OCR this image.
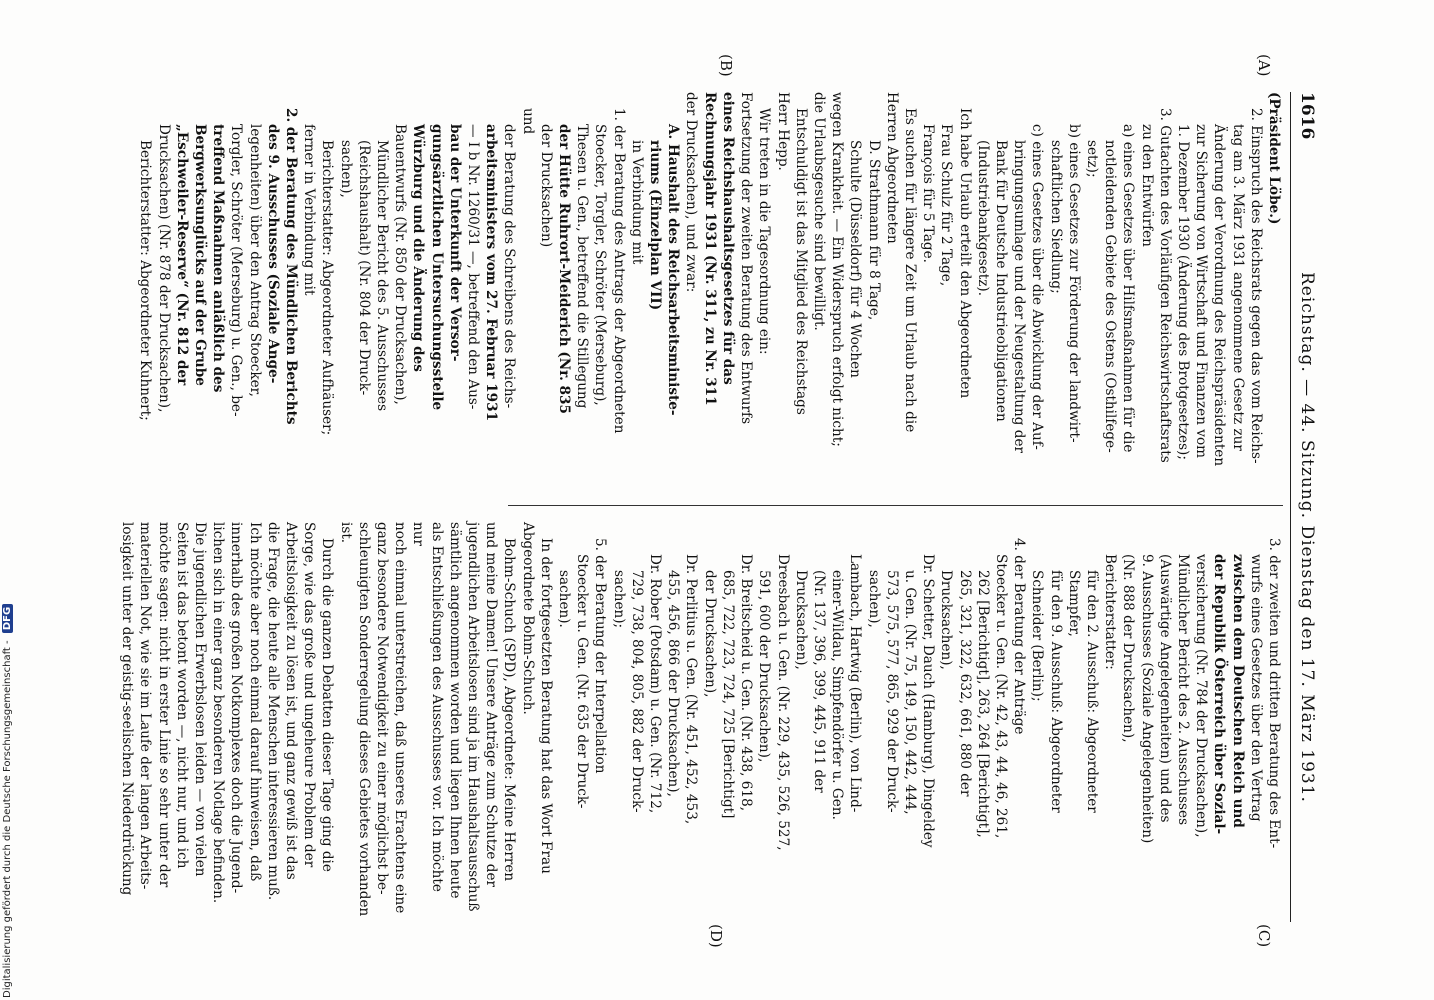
1616
Reichstag. — 44. Sitzung. Dienstag den 17. März 1931.
(A)
(B)
(C)
(D)

(Präsident Löbe.)

2. Einspruch des Reichsrats gegen das vom Reichs-

tag am 3. März 1931 angenommene Gesetz zur

Änderung der Verordnung des Reichspräsidenten

zur Sicherung von Wirtschaft und Finanzen vom

1. Dezember 1930 (Änderung des Brotgesetzes);

3. Gutachten des Vorläufigen Reichswirtschaftsrats

zu den Entwürfen

a) eines Gesetzes über Hilfsmaßnahmen für die

notleidenden Gebiete des Ostens (Osthilfege-

setz);

b) eines Gesetzes zur Förderung der landwirt-

schaftlichen Siedlung;

c) eines Gesetzes über die Abwicklung der Auf-

bringungsumlage und der Neugestaltung der

Bank für Deutsche Industrieobligationen

(Industriebankgesetz).

Ich habe Urlaub erteilt den Abgeordneten

Frau Schulz für 2 Tage,

François für 5 Tage.

Es suchen für längere Zeit um Urlaub nach die

Herren Abgeordneten

D. Strathmann für 8 Tage,

Schulte (Düsseldorf) für 4 Wochen

wegen Krankheit. — Ein Widerspruch erfolgt nicht;

die Urlaubsgesuche sind bewilligt.

Entschuldigt ist das Mitglied des Reichstags

Herr Hepp.

Wir treten in die Tagesordnung ein:

Fortsetzung der zweiten Beratung des Entwurfs

eines Reichshaushaltsgesetzes für das

Rechnungsjahr 1931 (Nr. 311, zu Nr. 311

der Drucksachen), und zwar:

A. Haushalt des Reichsarbeitsministe-

riums (Einzelplan VII)

in Verbindung mit

1. der Beratung des Antrags der Abgeordneten

Stoecker, Torgler, Schröter (Merseburg),

Thesen u. Gen., betreffend die Stillegung

der Hütte Ruhrort-Meiderich (Nr. 835

der Drucksachen)

und

der Beratung des Schreibens des Reichs-

arbeitsministers vom 27. Februar 1931

— I b Nr. 1260/31 —, betreffend den Aus-

bau der Unterkunft der Versor-

gungsärztlichen Untersuchungsstelle

Würzburg und die Änderung des

Bauentwurfs (Nr. 850 der Drucksachen),

Mündlicher Bericht des 5. Ausschusses

(Reichshaushalt) (Nr. 804 der Druck-

sachen),

Berichterstatter: Abgeordneter Aufhäuser;

ferner in Verbindung mit

2. der Beratung des Mündlichen Berichts

des 9. Ausschusses (Soziale Ange-

legenheiten) über den Antrag Stoecker,

Torgler, Schröter (Merseburg) u. Gen., be-

treffend Maßnahmen anläßlich des

Bergwerksunglücks auf der Grube

„Eschweiler-Reserve“ (Nr. 812 der

Drucksachen) (Nr. 878 der Drucksachen),

Berichterstatter: Abgeordneter Kuhnert;

3. der zweiten und dritten Beratung des Ent-

wurfs eines Gesetzes über den Vertrag

zwischen dem Deutschen Reich und

der Republik Österreich über Sozial-

versicherung (Nr. 784 der Drucksachen),

Mündlicher Bericht des 2. Ausschusses

(Auswärtige Angelegenheiten) und des

9. Ausschusses (Soziale Angelegenheiten)

(Nr. 888 der Drucksachen),

Berichterstatter:

für den 2. Ausschuß: Abgeordneter

Stampfer,

für den 9. Ausschuß: Abgeordneter

Schneider (Berlin);

4. der Beratung der Anträge

Stoecker u. Gen. (Nr. 42, 43, 44, 46, 261,

262 [Berichtigt], 263, 264 [Berichtigt],

265, 321, 322, 632, 661, 880 der

Drucksachen),

Dr. Schetter, Dauch (Hamburg), Dingeldey

u. Gen. (Nr. 75, 149, 150, 442, 444,

573, 575, 577, 865, 929 der Druck-

sachen),

Lambach, Hartwig (Berlin), von Lind-

einer-Wildau, Simpfendörfer u. Gen.

(Nr. 137, 396, 399, 445, 911 der

Drucksachen),

Dreesbach u. Gen. (Nr. 229, 435, 526, 527,

591, 600 der Drucksachen),

Dr. Breitscheid u. Gen. (Nr. 438, 618,

685, 722, 723, 724, 725 [Berichtigt]

der Drucksachen),

Dr. Perlitius u. Gen. (Nr. 451, 452, 453,

455, 456, 866 der Drucksachen),

Dr. Rober (Potsdam) u. Gen. (Nr. 712,

729, 738, 804, 805, 882 der Druck-

sachen);

5. der Beratung der Interpellation

Stoecker u. Gen. (Nr. 635 der Druck-

sachen).

In der fortgesetzten Beratung hat das Wort Frau

Abgeordnete Bohm-Schuch.

Bohm-Schuch (SPD), Abgeordnete: Meine Herren

und meine Damen! Unsere Anträge zum Schutze der

jugendlichen Arbeitslosen sind ja im Haushaltsausschuß

sämtlich angenommen worden und liegen Ihnen heute

als Entschließungen des Ausschusses vor. Ich möchte nur

noch einmal unterstreichen, daß unseres Erachtens eine

ganz besondere Notwendigkeit zu einer möglichst be-

schleunigten Sonderregelung dieses Gebietes vorhanden

ist.

Durch die ganzen Debatten dieser Tage ging die

Sorge, wie das große und ungeheure Problem der

Arbeitslosigkeit zu lösen ist, und ganz gewiß ist das

die Frage, die heute alle Menschen interessieren muß.

Ich möchte aber noch einmal darauf hinweisen, daß

innerhalb des großen Notkomplexes doch die Jugend-

lichen sich in einer ganz besonderen Notlage befinden.

Die jugendlichen Erwerbslosen leiden — von vielen

Seiten ist das betont worden —, nicht nur, und ich

möchte sagen: nicht in erster Linie so sehr unter der

materiellen Not, wie sie im Laufe der langen Arbeits-

losigkeit unter der geistig-seelischen Niederdrückung

Digitalisierung gefördert durch die Deutsche Forschungsgemeinschaft - DFG
